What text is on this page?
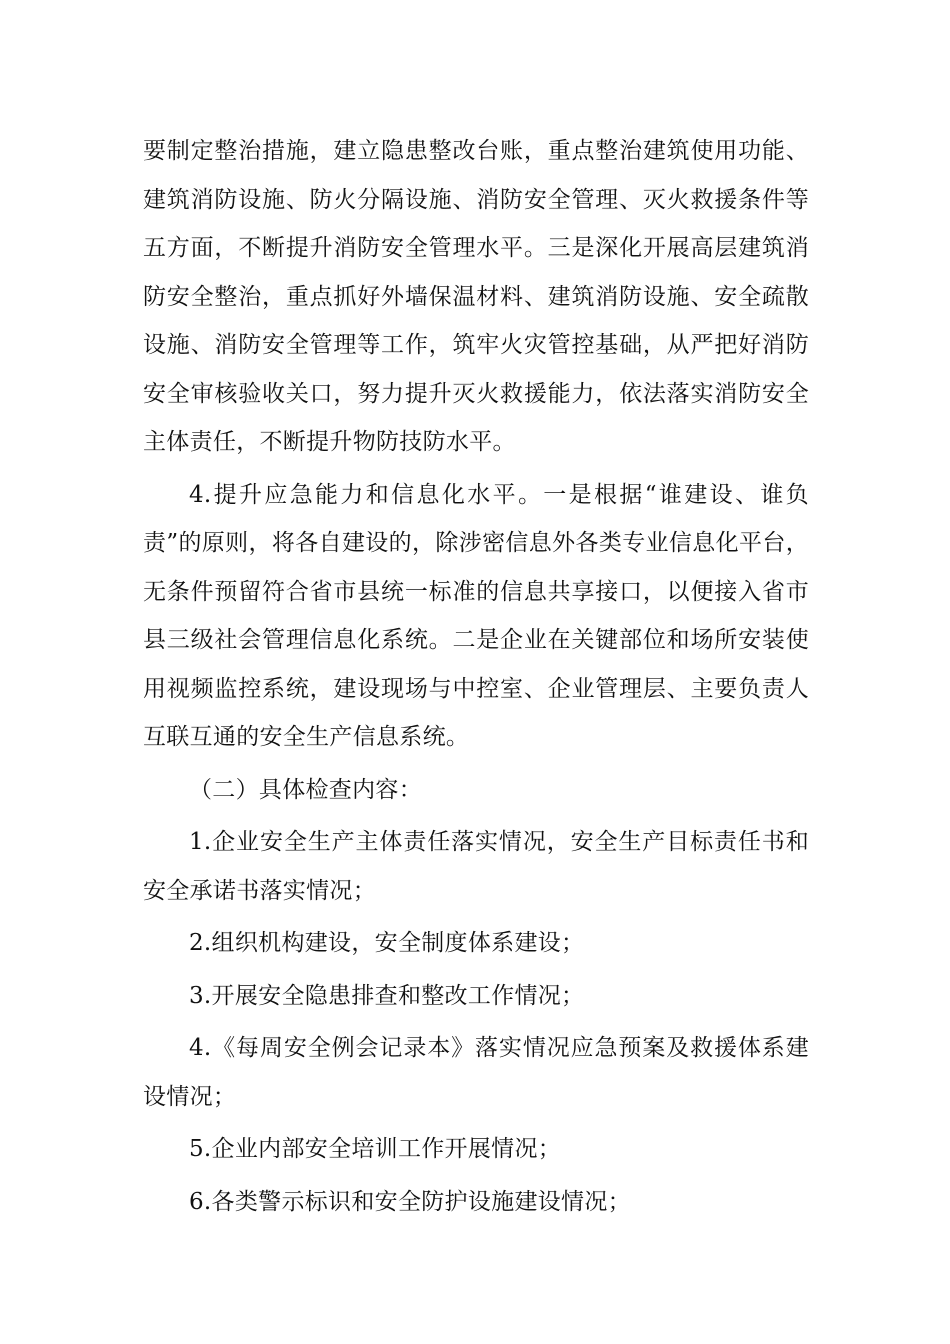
要制定整治措施，建立隐患整改台账，重点整治建筑使用功能、建筑消防设施、防火分隔设施、消防安全管理、灭火救援条件等五方面，不断提升消防安全管理水平。三是深化开展高层建筑消防安全整治，重点抓好外墙保温材料、建筑消防设施、安全疏散设施、消防安全管理等工作，筑牢火灾管控基础，从严把好消防安全审核验收关口，努力提升灭火救援能力，依法落实消防安全主体责任，不断提升物防技防水平。

4.提升应急能力和信息化水平。一是根据“谁建设、谁负责”的原则，将各自建设的，除涉密信息外各类专业信息化平台，无条件预留符合省市县统一标准的信息共享接口，以便接入省市县三级社会管理信息化系统。二是企业在关键部位和场所安装使用视频监控系统，建设现场与中控室、企业管理层、主要负责人互联互通的安全生产信息系统。

（二）具体检查内容：

1.企业安全生产主体责任落实情况，安全生产目标责任书和安全承诺书落实情况；

2.组织机构建设，安全制度体系建设；

3.开展安全隐患排查和整改工作情况；

4.《每周安全例会记录本》落实情况应急预案及救援体系建设情况；

5.企业内部安全培训工作开展情况；

6.各类警示标识和安全防护设施建设情况；
